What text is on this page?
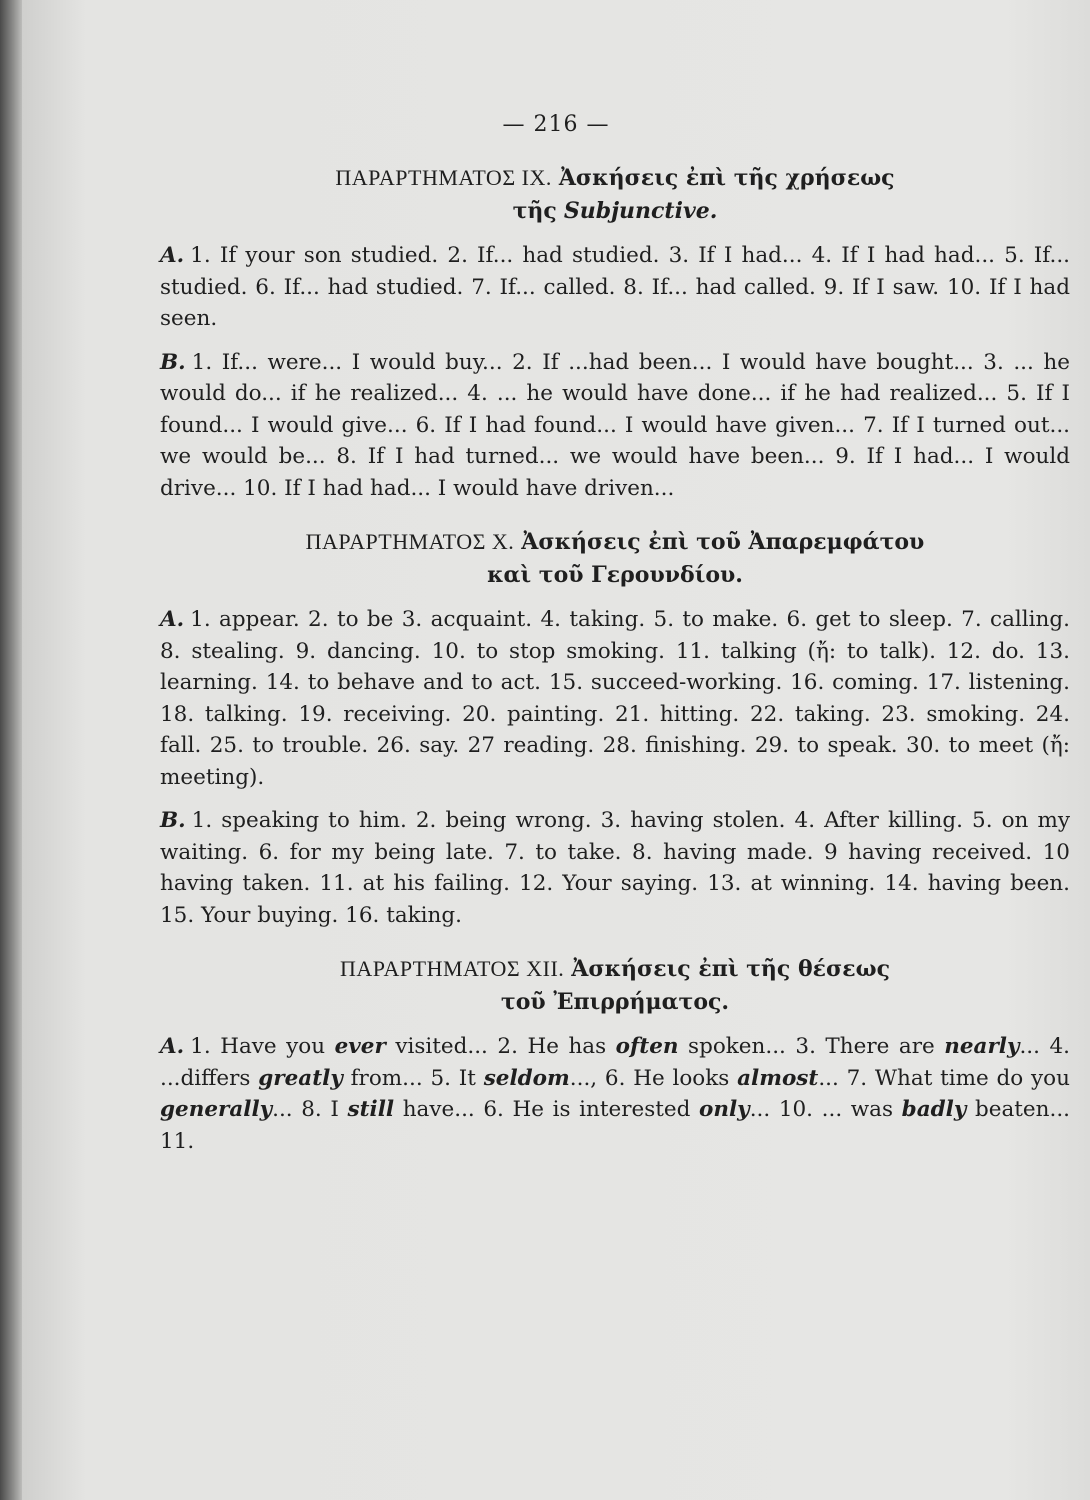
— 216 —

ΠΑΡΑΡΤΗΜΑΤΟΣ IX. Ἀσκήσεις ἐπὶ τῆς χρήσεως

τῆς Subjunctive.

A. 1. If your son studied. 2. If... had studied. 3. If I had... 4. If I had had... 5. If... studied. 6. If... had studied. 7. If... called. 8. If... had called. 9. If I saw. 10. If I had seen.

B. 1. If... were... I would buy... 2. If ...had been... I would have bought... 3. ... he would do... if he realized... 4. ... he would have done... if he had realized... 5. If I found... I would give... 6. If I had found... I would have given... 7. If I turned out... we would be... 8. If I had turned... we would have been... 9. If I had... I would drive... 10. If I had had... I would have driven...

ΠΑΡΑΡΤΗΜΑΤΟΣ X. Ἀσκήσεις ἐπὶ τοῦ Ἀπαρεμφάτου

καὶ τοῦ Γερουνδίου.

A. 1. appear. 2. to be 3. acquaint. 4. taking. 5. to make. 6. get to sleep. 7. calling. 8. stealing. 9. dancing. 10. to stop smoking. 11. talking (ἤ: to talk). 12. do. 13. learning. 14. to behave and to act. 15. succeed-working. 16. coming. 17. listening. 18. talking. 19. receiving. 20. painting. 21. hitting. 22. taking. 23. smoking. 24. fall. 25. to trouble. 26. say. 27 reading. 28. finishing. 29. to speak. 30. to meet (ἤ: meeting).

B. 1. speaking to him. 2. being wrong. 3. having stolen. 4. After killing. 5. on my waiting. 6. for my being late. 7. to take. 8. having made. 9 having received. 10 having taken. 11. at his failing. 12. Your saying. 13. at winning. 14. having been. 15. Your buying. 16. taking.

ΠΑΡΑΡΤΗΜΑΤΟΣ XII. Ἀσκήσεις ἐπὶ τῆς θέσεως

τοῦ Ἐπιρρήματος.

A. 1. Have you ever visited... 2. He has often spoken... 3. There are nearly... 4. ...differs greatly from... 5. It seldom..., 6. He looks almost... 7. What time do you generally... 8. I still have... 6. He is interested only... 10. ... was badly beaten... 11.
